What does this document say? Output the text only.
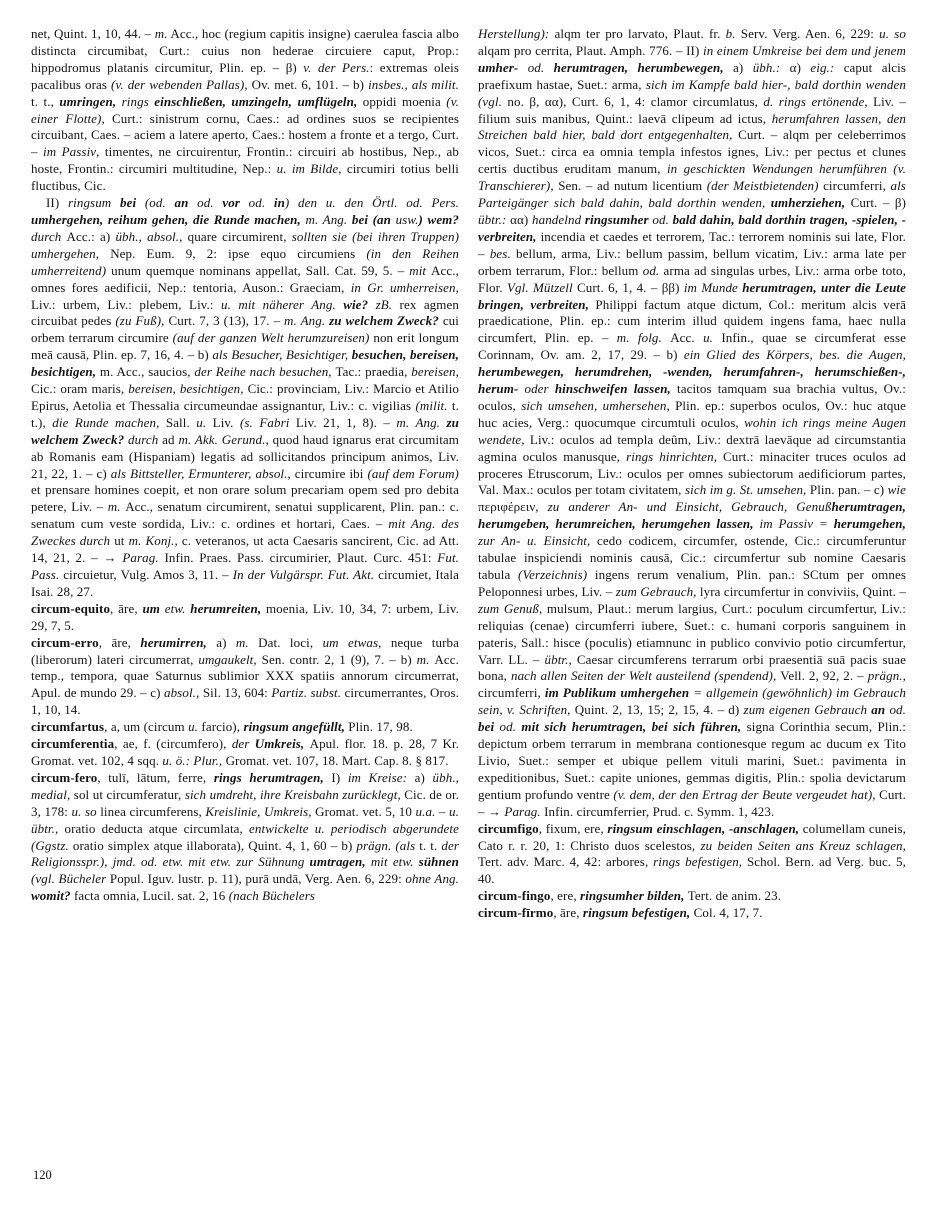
net, Quint. 1, 10, 44. – m. Acc., hoc (regium capitis insigne) caerulea fascia albo distincta circumibat, Curt.: cuius non hederae circuiere caput, Prop.: hippodromus platanis circumitur, Plin. ep. – β) v. der Pers.: extremas oleis pacalibus oras (v. der webenden Pallas), Ov. met. 6, 101. – b) insbes., als milit. t. t., umringen, rings einschließen, umzingeln, umflügeln, oppidi moenia (v. einer Flotte), Curt.: sinistrum cornu, Caes.: ad ordines suos se recipientes circuibant, Caes. – aciem a latere aperto, Caes.: hostem a fronte et a tergo, Curt. – im Passiv, timentes, ne circuirentur, Frontin.: circuiri ab hostibus, Nep., ab hoste, Frontin.: circumiri multitudine, Nep.: u. im Bilde, circumiri totius belli fluctibus, Cic.

II) ringsum bei (od. an od. vor od. in) den u. den Örtl. od. Pers. umhergehen, reihum gehen, die Runde machen, m. Ang. bei (an usw.) wem? durch Acc.: a) übh., absol., quare circumirent, sollten sie (bei ihren Truppen) umhergehen, Nep. Eum. 9, 2: ipse equo circumiens (in den Reihen umherreitend) unum quemque nominans appellat, Sall. Cat. 59, 5. – mit Acc., omnes fores aedificii, Nep.: tentoria, Auson.: Graeciam, in Gr. umherreisen, Liv.: urbem, Liv.: plebem, Liv.: u. mit näherer Ang. wie? zB. rex agmen circuibat pedes (zu Fuß), Curt. 7, 3 (13), 17. – m. Ang. zu welchem Zweck? cui orbem terrarum circumire (auf der ganzen Welt herumzureisen) non erit longum meā causā, Plin. ep. 7, 16, 4. – b) als Besucher, Besichtiger, besuchen, bereisen, besichtigen, m. Acc., saucios, der Reihe nach besuchen, Tac.: praedia, bereisen, Cic.: oram maris, bereisen, besichtigen, Cic.: provinciam, Liv.: Marcio et Atilio Epirus, Aetolia et Thessalia circumeundae assignantur, Liv.: c. vigilias (milit. t. t.), die Runde machen, Sall. u. Liv. (s. Fabri Liv. 21, 1, 8). – m. Ang. zu welchem Zweck? durch ad m. Akk. Gerund., quod haud ignarus erat circumitam ab Romanis eam (Hispaniam) legatis ad sollicitandos principum animos, Liv. 21, 22, 1. – c) als Bittsteller, Ermunterer, absol., circumire ibi (auf dem Forum) et prensare homines coepit, et non orare solum precariam opem sed pro debita petere, Liv. – m. Acc., senatum circumirent, senatui supplicarent, Plin. pan.: c. senatum cum veste sordida, Liv.: c. ordines et hortari, Caes. – mit Ang. des Zweckes durch ut m. Konj., c. veteranos, ut acta Caesaris sancirent, Cic. ad Att. 14, 21, 2. – → Parag. Infin. Praes. Pass. circumirier, Plaut. Curc. 451: Fut. Pass. circuietur, Vulg. Amos 3, 11. – In der Vulgärspr. Fut. Akt. circumiet, Itala Isai. 28, 27.

circum-equito, āre, um etw. herumreiten, moenia, Liv. 10, 34, 7: urbem, Liv. 29, 7, 5.

circum-erro, āre, herumirren, a) m. Dat. loci, um etwas, neque turba (liberorum) lateri circumerrat, umgaukelt, Sen. contr. 2, 1 (9), 7. – b) m. Acc. temp., tempora, quae Saturnus sublimior XXX spatiis annorum circumerrat, Apul. de mundo 29. – c) absol., Sil. 13, 604: Partiz. subst. circumerrantes, Oros. 1, 10, 14.

circumfartus, a, um (circum u. farcio), ringsum angefüllt, Plin. 17, 98.

circumferentia, ae, f. (circumfero), der Umkreis, Apul. flor. 18. p. 28, 7 Kr. Gromat. vet. 102, 4 sqq. u. ö.: Plur., Gromat. vet. 107, 18. Mart. Cap. 8. § 817.

circum-fero, tulī, lātum, ferre, rings herumtragen, I) im Kreise: a) übh., medial, sol ut circumferatur, sich umdreht, ihre Kreisbahn zurücklegt, Cic. de or. 3, 178: u. so linea circumferens, Kreislinie, Umkreis, Gromat. vet. 5, 10 u.a. – u. übtr., oratio deducta atque circumlata, entwickelte u. periodisch abgerundete (Ggstz. oratio simplex atque illaborata), Quint. 4, 1, 60 – b) prägn. (als t. t. der Religionsspr.), jmd. od. etw. mit etw. zur Sühnung umtragen, mit etw. sühnen (vgl. Bücheler Popul. Iguv. lustr. p. 11), purā undā, Verg. Aen. 6, 229: ohne Ang. womit? facta omnia, Lucil. sat. 2, 16 (nach Büchelers

Herstellung): alqm ter pro larvato, Plaut. fr. b. Serv. Verg. Aen. 6, 229: u. so alqam pro cerrita, Plaut. Amph. 776. – II) in einem Umkreise bei dem und jenem umher- od. herumtragen, herumbewegen, a) übh.: α) eig.: caput alcis praefixum hastae, Suet.: arma, sich im Kampfe bald hier-, bald dorthin wenden (vgl. no. β, αα), Curt. 6, 1, 4: clamor circumlatus, d. rings ertönende, Liv. – filium suis manibus, Quint.: laevā clipeum ad ictus, herumfahren lassen, den Streichen bald hier, bald dort entgegenhalten, Curt. – alqm per celeberrimos vicos, Suet.: circa ea omnia templa infestos ignes, Liv.: per pectus et clunes certis ductibus eruditam manum, in geschickten Wendungen herumführen (v. Transchierer), Sen. – ad nutum licentium (der Meistbietenden) circumferri, als Parteigänger sich bald dahin, bald dorthin wenden, umherziehen, Curt. – β) übtr.: αα) handelnd ringsumher od. bald dahin, bald dorthin tragen, -spielen, -verbreiten, incendia et caedes et terrorem, Tac.: terrorem nominis sui late, Flor. – bes. bellum, arma, Liv.: bellum passim, bellum vicatim, Liv.: arma late per orbem terrarum, Flor.: bellum od. arma ad singulas urbes, Liv.: arma orbe toto, Flor. Vgl. Mützell Curt. 6, 1, 4. – ββ) im Munde herumtragen, unter die Leute bringen, verbreiten, Philippi factum atque dictum, Col.: meritum alcis verā praedicatione, Plin. ep.: cum interim illud quidem ingens fama, haec nulla circumfert, Plin. ep. – m. folg. Acc. u. Infin., quae se circumferat esse Corinnam, Ov. am. 2, 17, 29. – b) ein Glied des Körpers, bes. die Augen, herumbewegen, herumdrehen, -wenden, herumfahren-, herumschießen-, herum- oder hinschweifen lassen, tacitos tamquam sua brachia vultus, Ov.: oculos, sich umsehen, umhersehen, Plin. ep.: superbos oculos, Ov.: huc atque huc acies, Verg.: quocumque circumtuli oculos, wohin ich rings meine Augen wendete, Liv.: oculos ad templa deûm, Liv.: dextrā laevāque ad circumstantia agmina oculos manusque, rings hinrichten, Curt.: minaciter truces oculos ad proceres Etruscorum, Liv.: oculos per omnes subiectorum aedificiorum partes, Val. Max.: oculos per totam civitatem, sich im g. St. umsehen, Plin. pan. – c) wie περιφέρειν, zu anderer An- und Einsicht, Gebrauch, Genußherumtragen, herumgeben, herumreichen, herumgehen lassen, im Passiv = herumgehen, zur An- u. Einsicht, cedo codicem, circumfer, ostende, Cic.: circumferuntur tabulae inspiciendi nominis causā, Cic.: circumfertur sub nomine Caesaris tabula (Verzeichnis) ingens rerum venalium, Plin. pan.: SCtum per omnes Peloponnesi urbes, Liv. – zum Gebrauch, lyra circumfertur in conviviis, Quint. – zum Genuß, mulsum, Plaut.: merum largius, Curt.: poculum circumfertur, Liv.: reliquias (cenae) circumferri iubere, Suet.: c. humani corporis sanguinem in pateris, Sall.: hisce (poculis) etiamnunc in publico convivio potio circumfertur, Varr. LL. – übtr., Caesar circumferens terrarum orbi praesentiā suā pacis suae bona, nach allen Seiten der Welt austeilend (spendend), Vell. 2, 92, 2. – prägn., circumferri, im Publikum umhergehen = allgemein (gewöhnlich) im Gebrauch sein, v. Schriften, Quint. 2, 13, 15; 2, 15, 4. – d) zum eigenen Gebrauch an od. bei od. mit sich herumtragen, bei sich führen, signa Corinthia secum, Plin.: depictum orbem terrarum in membrana contionesque regum ac ducum ex Tito Livio, Suet.: semper et ubique pellem vituli marini, Suet.: pavimenta in expeditionibus, Suet.: capite uniones, gemmas digitis, Plin.: spolia devictarum gentium profundo ventre (v. dem, der den Ertrag der Beute vergeudet hat), Curt. – → Parag. Infin. circumferrier, Prud. c. Symm. 1, 423.

circumfigo, fixum, ere, ringsum einschlagen, -anschlagen, columellam cuneis, Cato r. r. 20, 1: Christo duos scelestos, zu beiden Seiten ans Kreuz schlagen, Tert. adv. Marc. 4, 42: arbores, rings befestigen, Schol. Bern. ad Verg. buc. 5, 40.

circum-fingo, ere, ringsumher bilden, Tert. de anim. 23.

circum-fīrmo, āre, ringsum befestigen, Col. 4, 17, 7.

120
